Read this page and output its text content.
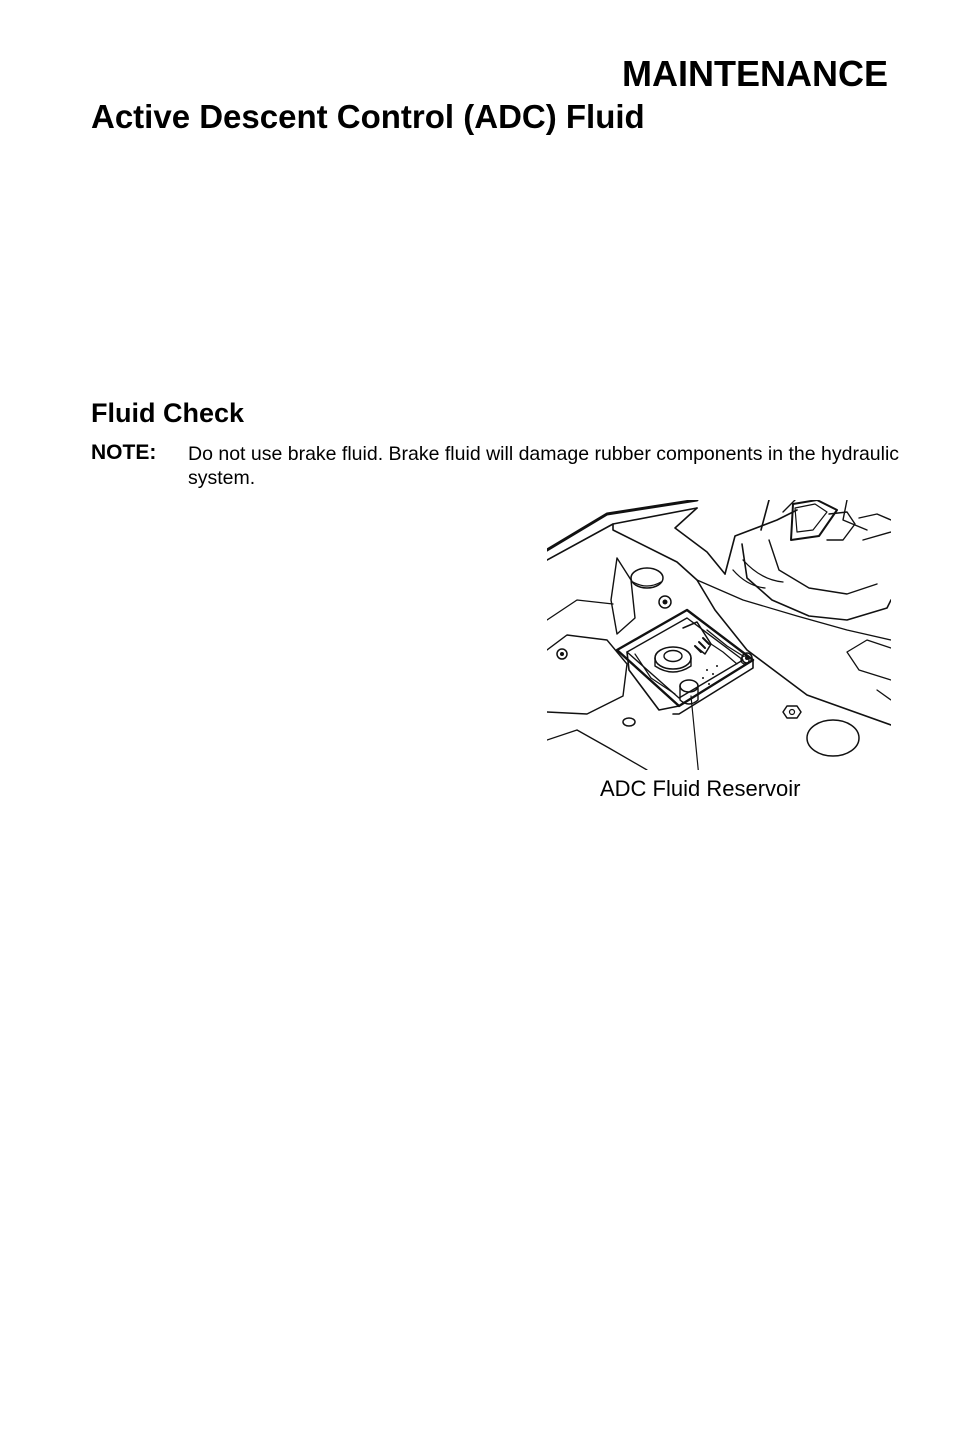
MAINTENANCE
Active Descent Control (ADC) Fluid
Fluid Check
NOTE: Do not use brake fluid. Brake fluid will damage rubber components in the hydraulic system.
ADC Fluid Reservoir
